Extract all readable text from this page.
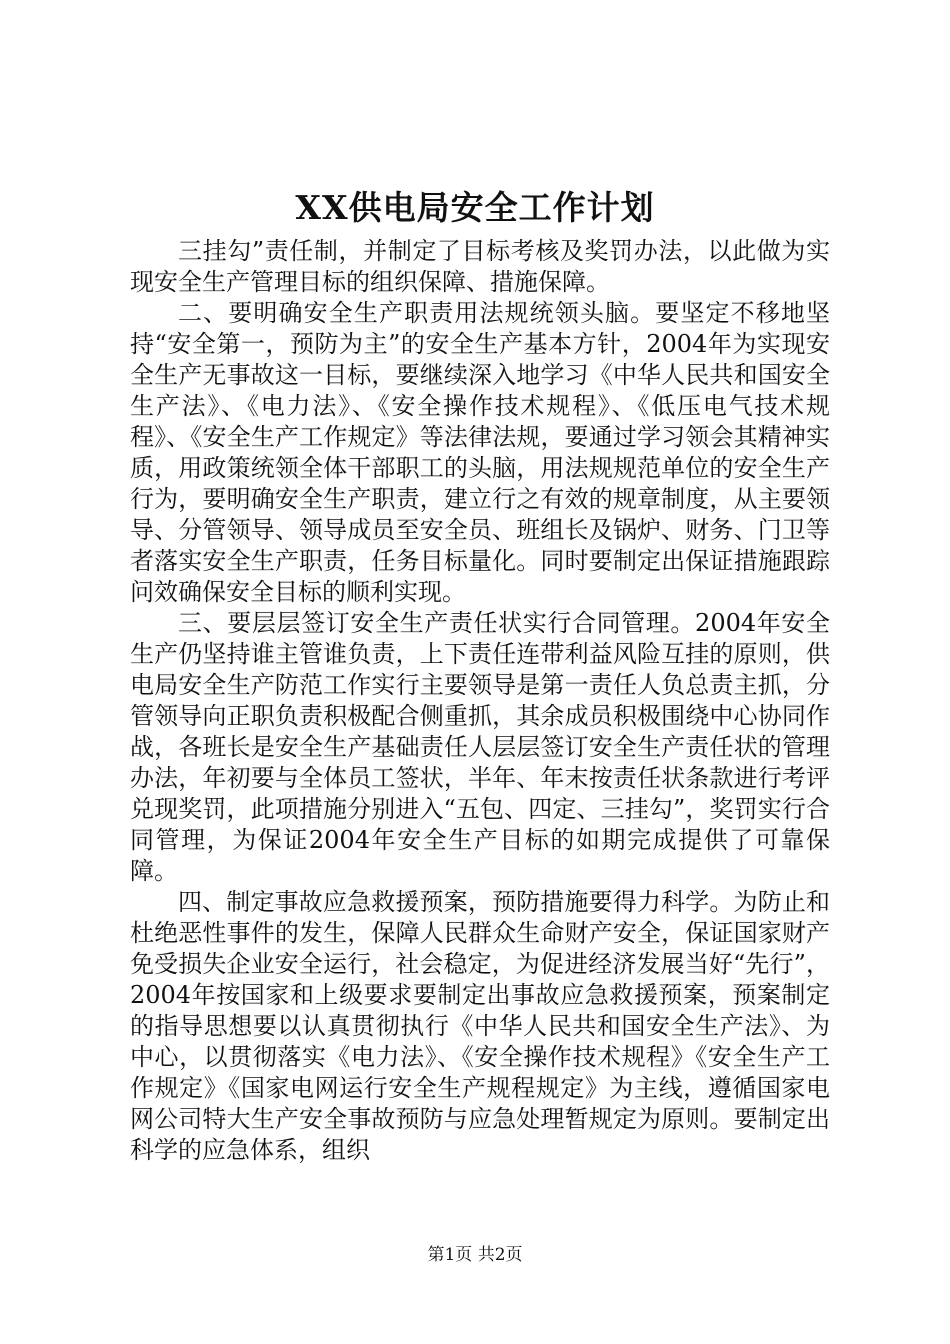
XX供电局安全工作计划

三挂勾”责任制，并制定了目标考核及奖罚办法，以此做为实现安全生产管理目标的组织保障、措施保障。

二、要明确安全生产职责用法规统领头脑。要坚定不移地坚持“安全第一，预防为主”的安全生产基本方针，2004年为实现安全生产无事故这一目标，要继续深入地学习《中华人民共和国安全生产法》、《电力法》、《安全操作技术规程》、《低压电气技术规程》、《安全生产工作规定》等法律法规，要通过学习领会其精神实质，用政策统领全体干部职工的头脑，用法规规范单位的安全生产行为，要明确安全生产职责，建立行之有效的规章制度，从主要领导、分管领导、领导成员至安全员、班组长及锅炉、财务、门卫等者落实安全生产职责，任务目标量化。同时要制定出保证措施跟踪问效确保安全目标的顺利实现。

三、要层层签订安全生产责任状实行合同管理。2004年安全生产仍坚持谁主管谁负责，上下责任连带利益风险互挂的原则，供电局安全生产防范工作实行主要领导是第一责任人负总责主抓，分管领导向正职负责积极配合侧重抓，其余成员积极围绕中心协同作战，各班长是安全生产基础责任人层层签订安全生产责任状的管理办法，年初要与全体员工签状，半年、年末按责任状条款进行考评兑现奖罚，此项措施分别进入“五包、四定、三挂勾”，奖罚实行合同管理，为保证2004年安全生产目标的如期完成提供了可靠保障。

四、制定事故应急救援预案，预防措施要得力科学。为防止和杜绝恶性事件的发生，保障人民群众生命财产安全，保证国家财产免受损失企业安全运行，社会稳定，为促进经济发展当好“先行”，2004年按国家和上级要求要制定出事故应急救援预案，预案制定的指导思想要以认真贯彻执行《中华人民共和国安全生产法》、为中心，以贯彻落实《电力法》、《安全操作技术规程》《安全生产工作规定》《国家电网运行安全生产规程规定》为主线，遵循国家电网公司特大生产安全事故预防与应急处理暂规定为原则。要制定出科学的应急体系，组织

第1页 共2页
